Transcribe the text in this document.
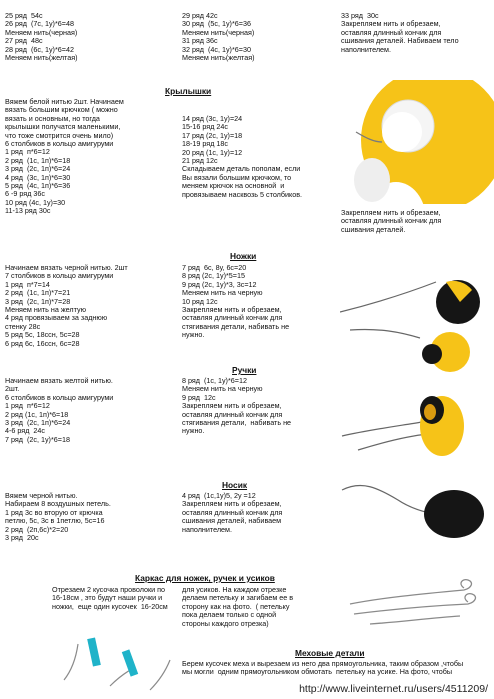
25 ряд  54с
26 ряд  (7с, 1у)*6=48
Меняем нить(черная)
27 ряд  48с
28 ряд  (6с, 1у)*6=42
Меняем нить(желтая)
29 ряд 42с
30 ряд  (5с, 1у)*6=36
Меняем нить(черная)
31 ряд 36с
32 ряд  (4с, 1у)*6=30
Меняем нить(желтая)
33 ряд  30с
Закрепляем нить и обрезаем,
оставляя длинный кончик для
сшивания деталей. Набиваем тело
наполнителем.
Крылышки
Вяжем белой нитью 2шт. Начинаем
вязать большим крючком ( можно
вязать и основным, но тогда
крылышки получатся маленькими,
что тоже смотрится очень мило)
6 столбиков в кольцо амигуруми
1 ряд  п*6=12
2 ряд  (1с, 1п)*6=18
3 ряд  (2с, 1п)*6=24
4 ряд  (3с, 1п)*6=30
5 ряд  (4с, 1п)*6=36
6 -9 ряд 36с
10 ряд (4с, 1у)=30
11-13 ряд 30с
14 ряд (3с, 1у)=24
15-16 ряд 24с
17 ряд (2с, 1у)=18
18-19 ряд 18с
20 ряд (1с, 1у)=12
21 ряд 12с
Складываем деталь пополам, если
Вы вязали большим крючком, то
меняем крючок на основной  и
провязываем насквозь 5 столбиков.
Закрепляем нить и обрезаем,
оставляя длинный кончик для
сшивания деталей.
Ножки
Начинаем вязать черной нитью. 2шт
7 столбиков в кольцо амигуруми
1 ряд  п*7=14
2 ряд  (1с, 1п)*7=21
3 ряд  (2с, 1п)*7=28
Меняем нить на желтую
4 ряд провязываем за заднюю
стенку 28с
5 ряд 5с, 18ссн, 5с=28
6 ряд 6с, 16ссн, 6с=28
7 ряд  6с, 8у, 6с=20
8 ряд (2с, 1у)*5=15
9 ряд (2с, 1у)*3, 3с=12
Меняем нить на черную
10 ряд 12с
Закрепляем нить и обрезаем,
оставляя длинный кончик для
стягивания детали, набивать не
нужно.
Ручки
Начинаем вязать желтой нитью.
2шт.
6 столбиков в кольцо амигуруми
1 ряд  п*6=12
2 ряд (1с, 1п)*6=18
3 ряд  (2с, 1п)*6=24
4-6 ряд  24с
7 ряд  (2с, 1у)*6=18
8 ряд  (1с, 1у)*6=12
Меняем нить на черную
9 ряд  12с
Закрепляем нить и обрезаем,
оставляя длинный кончик для
стягивания детали,  набивать не
нужно.
Носик
Вяжем черной нитью.
Набираем 8 воздушных петель.
1 ряд 3с во вторую от крючка
петлю, 5с, 3с в 1петлю, 5с=16
2 ряд  (2п,6с)*2=20
3 ряд  20с
4 ряд  (1с,1у)5, 2у =12
Закрепляем нить и обрезаем,
оставляя длинный кончик для
сшивания деталей, набиваем
наполнителем.
Каркас для ножек, ручек и усиков
Отрезаем 2 кусочка проволоки по
16-18см , это будут наши ручки и
ножки,  еще один кусочек  16-20см
для усиков. На каждом отрезке
делаем петельку и загибаем ее в
сторону как на фото.  ( петельку
пока делаем только с одной
стороны каждого отрезка)
Меховые детали
Берем кусочек меха и вырезаем из него два прямоугольника, таким образом ,чтобы
мы могли  одним прямоугольником обмотать  петельку на усике. На фото, чтобы
http://www.liveinternet.ru/users/4511209/
